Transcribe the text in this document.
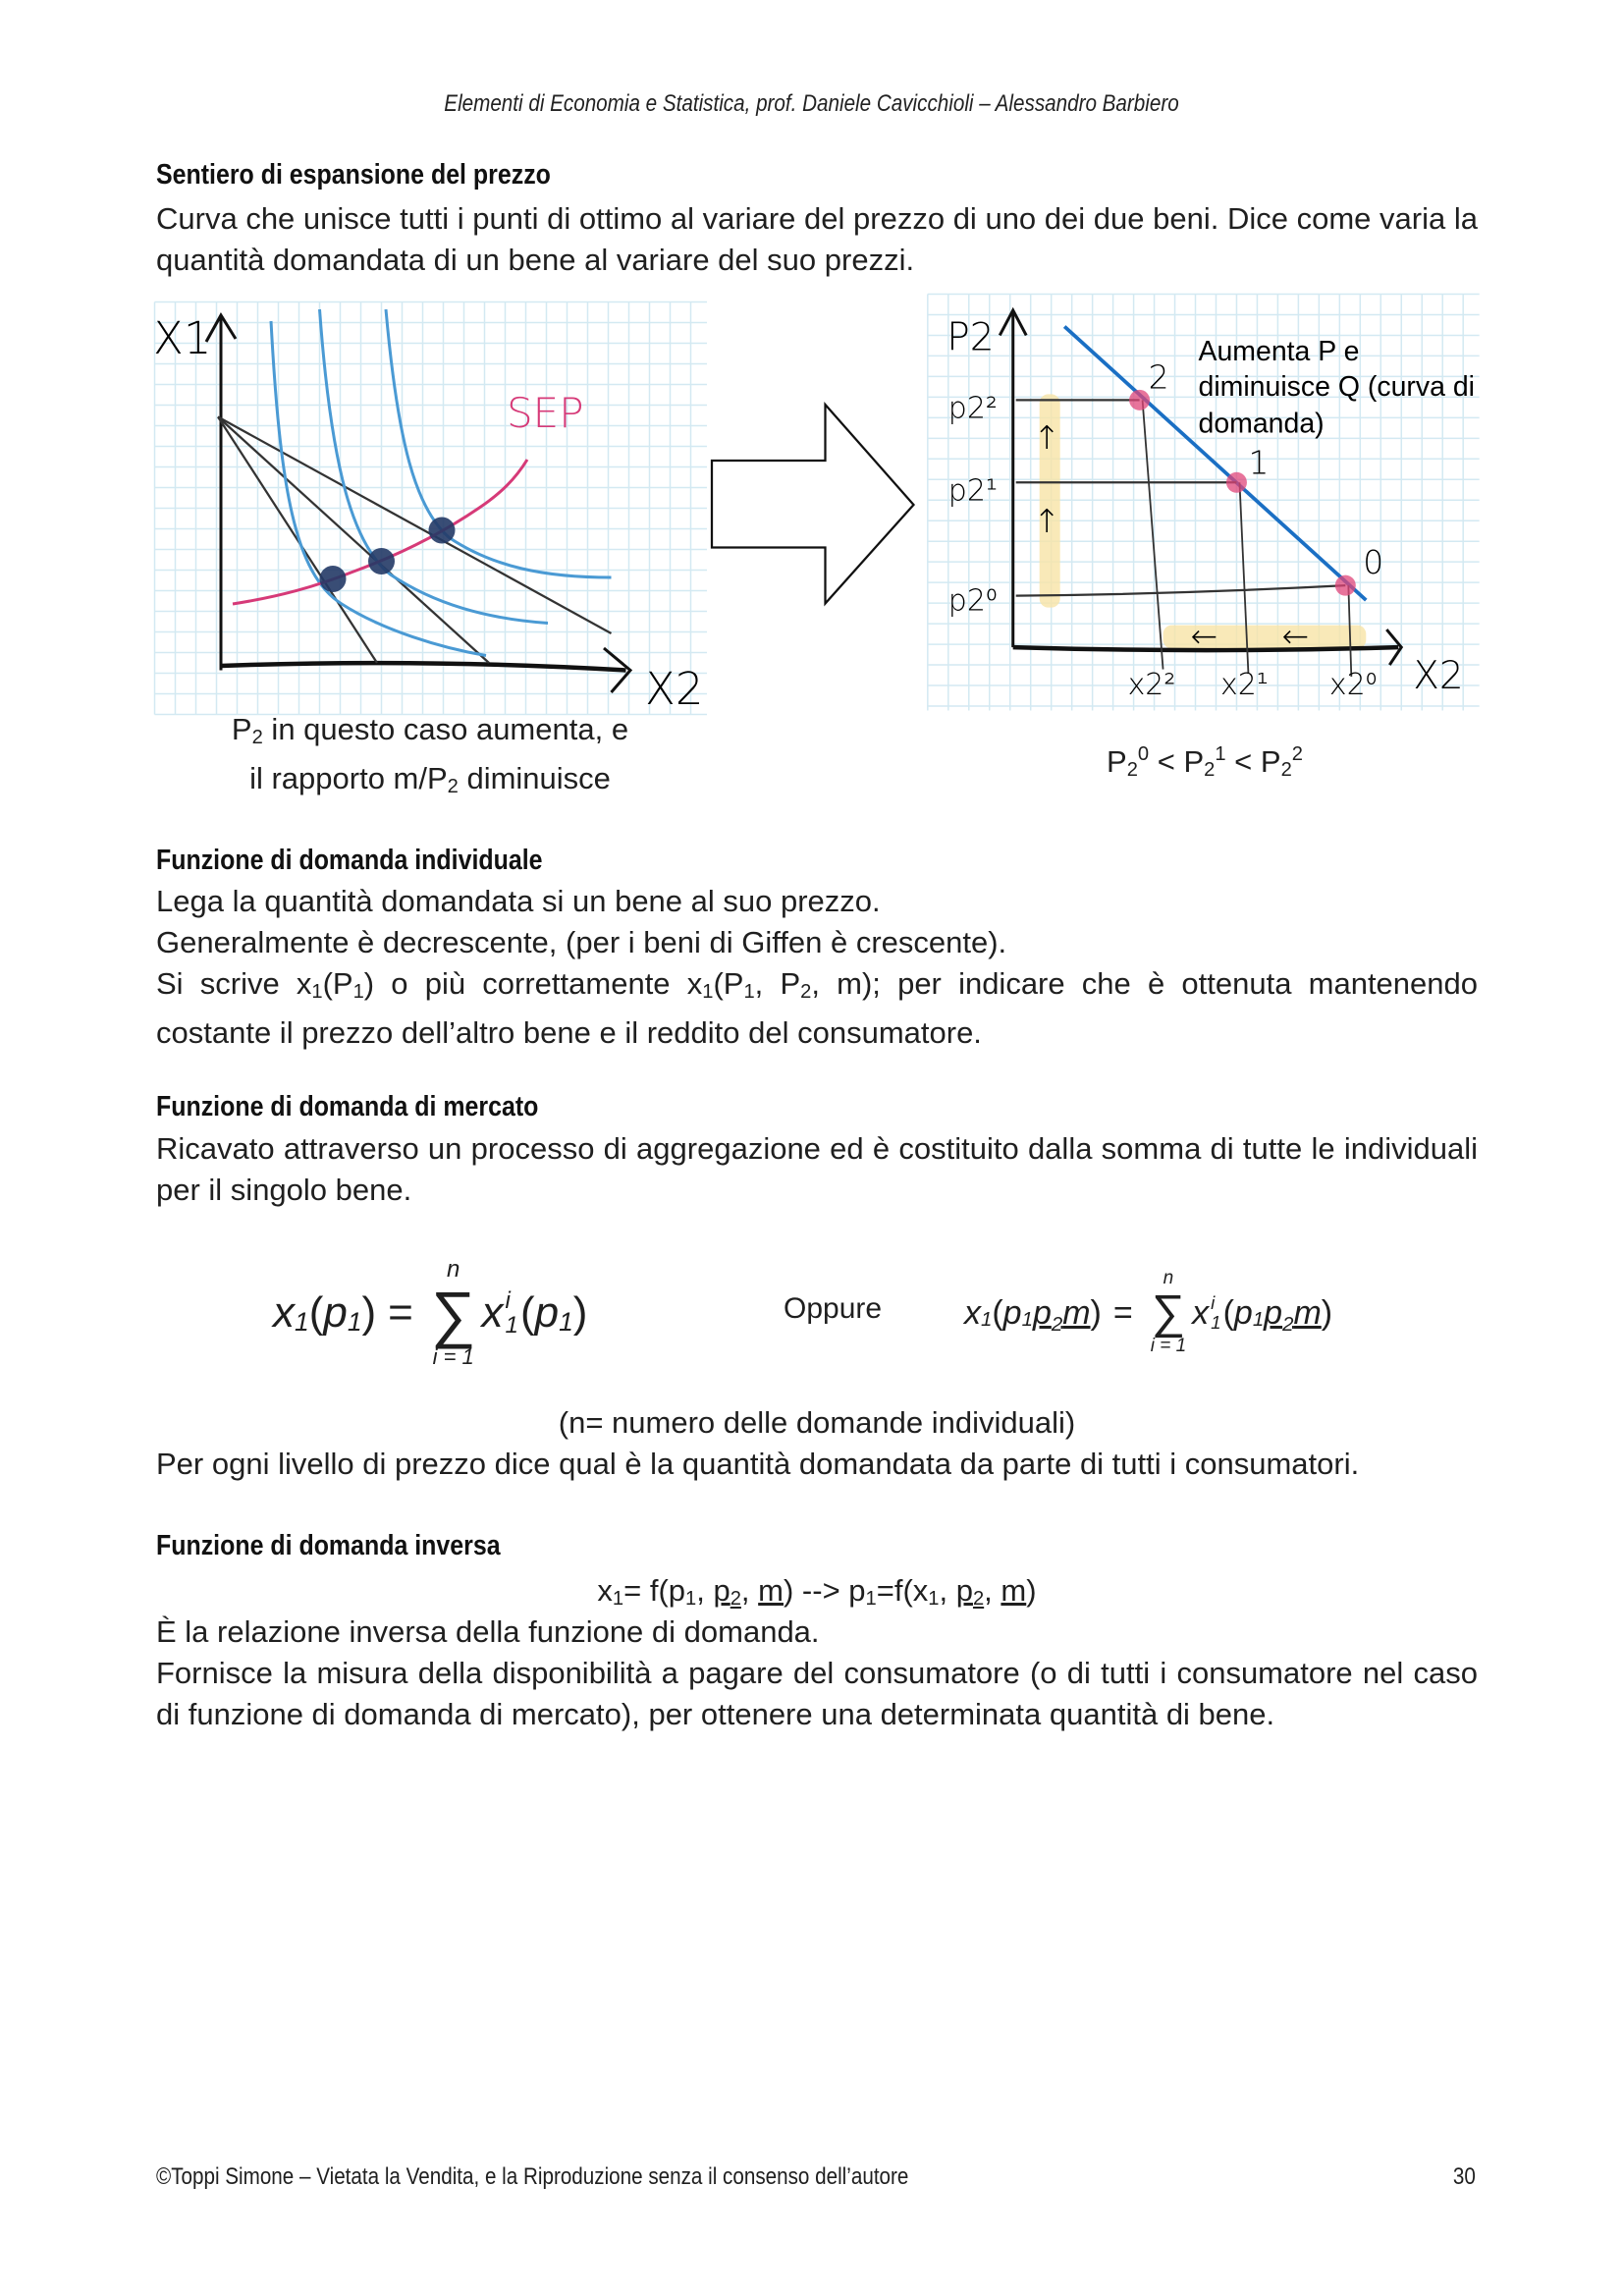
Elementi di Economia e Statistica, prof. Daniele Cavicchioli – Alessandro Barbiero
Sentiero di espansione del prezzo
Curva che unisce tutti i punti di ottimo al variare del prezzo di uno dei due beni. Dice come varia la quantità domandata di un bene al variare del suo prezzi.
X1
X2
SEP
↑
↑
←	←
P2
X2
p2²
p2¹
p2⁰
2
1
0
x2² x2¹	x2⁰
Aumenta P e
diminuisce Q (curva di
domanda)
$P_2$ in questo caso aumenta, e
il rapporto $m/P_2$ diminuisce	$P_2^0 < P_2^1 < P_2^2$
Funzione di domanda individuale
Lega la quantità domandata si un bene al suo prezzo.
Generalmente è decrescente, (per i beni di Giffen è crescente).
Si scrive $x_1(P_1)$ o più correttamente $x_1(P_1$, $P_2$, m); per indicare che è ottenuta mantenendo costante il prezzo dell’altro bene e il reddito del consumatore.
Funzione di domanda di mercato
Ricavato attraverso un processo di aggregazione ed è costituito dalla somma di tutte le individuali per il singolo bene.
x 1 ( p 1 ) =
n
∑
i = 1
x i
1 ( p 1 )	Oppure x 1 ( p 1 $p_2$ m ) =
n
∑
i = 1
x i
1 ( p 1 $p_2$ m )
(n= numero delle domande individuali)
Per ogni livello di prezzo dice qual è la quantità domandata da parte di tutti i consumatori.
Funzione di domanda inversa
$x_1= f(p_1$, $p_2$, m) --> $p_1=f(x_1$, $p_2$, m)
È la relazione inversa della funzione di domanda.
Fornisce la misura della disponibilità a pagare del consumatore (o di tutti i consumatore nel caso di funzione di domanda di mercato), per ottenere una determinata quantità di bene.
©Toppi Simone – Vietata la Vendita, e la Riproduzione senza il consenso dell’autore	30
